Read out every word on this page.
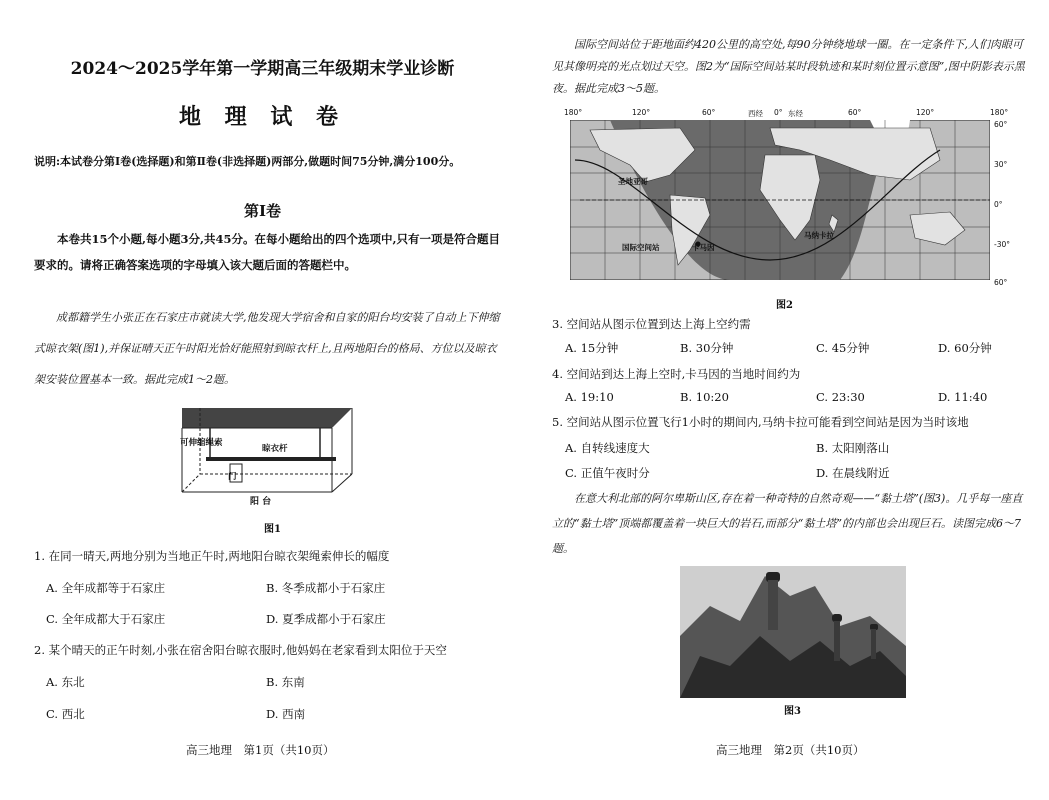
2024～2025学年第一学期高三年级期末学业诊断
地 理 试 卷
说明:本试卷分第Ⅰ卷(选择题)和第Ⅱ卷(非选择题)两部分,做题时间75分钟,满分100分。
第Ⅰ卷
本卷共15个小题,每小题3分,共45分。在每小题给出的四个选项中,只有一项是符合题目要求的。请将正确答案选项的字母填入该大题后面的答题栏中。
成都籍学生小张正在石家庄市就读大学,他发现大学宿舍和自家的阳台均安装了自动上下伸缩式晾衣架(图1),并保证晴天正午时阳光恰好能照射到晾衣杆上,且两地阳台的格局、方位以及晾衣架安装位置基本一致。据此完成1～2题。
可伸缩绳索
晾衣杆
门
阳 台
图1
1. 在同一晴天,两地分别为当地正午时,两地阳台晾衣架绳索伸长的幅度
A. 全年成都等于石家庄	B. 冬季成都小于石家庄
C. 全年成都大于石家庄	D. 夏季成都小于石家庄
2. 某个晴天的正午时刻,小张在宿舍阳台晾衣服时,他妈妈在老家看到太阳位于天空
A. 东北	B. 东南
C. 西北	D. 西南
高三地理　第1页（共10页）
国际空间站位于距地面约420公里的高空处,每90分钟绕地球一圈。在一定条件下,人们肉眼可见其像明亮的光点划过天空。图2为“国际空间站某时段轨迹和某时刻位置示意图”,图中阴影表示黑夜。据此完成3～5题。
180°	120°	60°	西经 0° 东经	60°	120°	180°
60°
30°
0°
-30°
60°
圣地亚哥
国际空间站	卡马因
马纳卡拉
图2
3. 空间站从图示位置到达上海上空约需
A. 15分钟	B. 30分钟	C. 45分钟	D. 60分钟
4. 空间站到达上海上空时,卡马因的当地时间约为
A. 19:10	B. 10:20	C. 23:30	D. 11:40
5. 空间站从图示位置飞行1小时的期间内,马纳卡拉可能看到空间站是因为当时该地
A. 自转线速度大	B. 太阳刚落山
C. 正值午夜时分	D. 在晨线附近
在意大利北部的阿尔卑斯山区,存在着一种奇特的自然奇观——“黏土塔”(图3)。几乎每一座直立的“黏土塔”顶端都覆盖着一块巨大的岩石,而部分“黏土塔”的内部也会出现巨石。读图完成6～7题。
图3
高三地理　第2页（共10页）
